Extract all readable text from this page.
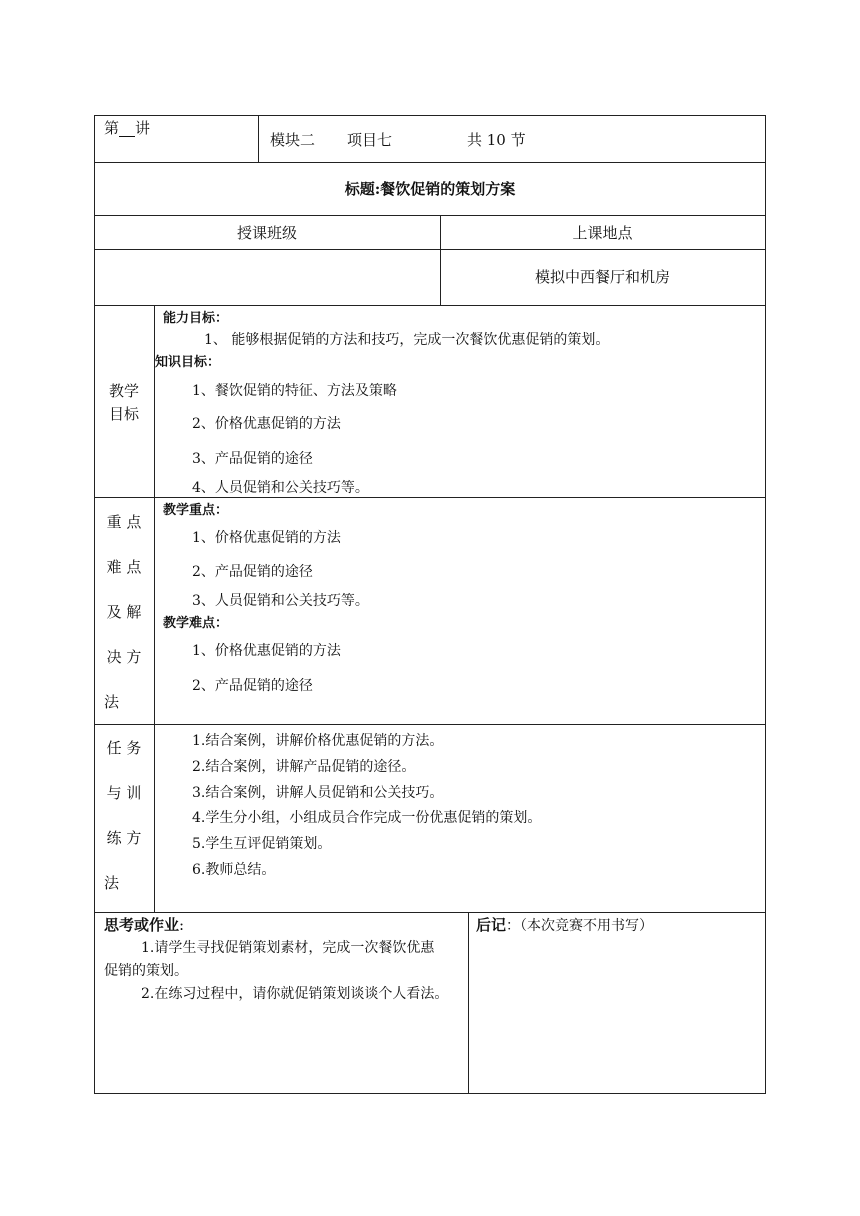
第 讲
模块二 项目七	共 10 节
标题:餐饮促销的策划方案
授课班级	上课地点
模拟中西餐厅和机房
教学
目标
能力目标：
1、 能够根据促销的方法和技巧，完成一次餐饮优惠促销的策划。
知识目标：
1、餐饮促销的特征、方法及策略
2、价格优惠促销的方法
3、产品促销的途径
4、人员促销和公关技巧等。
重 点
难 点
及 解
决 方
法
教学重点：
1、价格优惠促销的方法
2、产品促销的途径
3、人员促销和公关技巧等。
教学难点：
1、价格优惠促销的方法
2、产品促销的途径
任 务
与 训
练 方
法
1.结合案例，讲解价格优惠促销的方法。
2.结合案例，讲解产品促销的途径。
3.结合案例，讲解人员促销和公关技巧。
4.学生分小组，小组成员合作完成一份优惠促销的策划。
5.学生互评促销策划。
6.教师总结。
思考或作业:
1.请学生寻找促销策划素材，完成一次餐饮优惠
促销的策划。
2.在练习过程中，请你就促销策划谈谈个人看法。
后记：（本次竞赛不用书写）
